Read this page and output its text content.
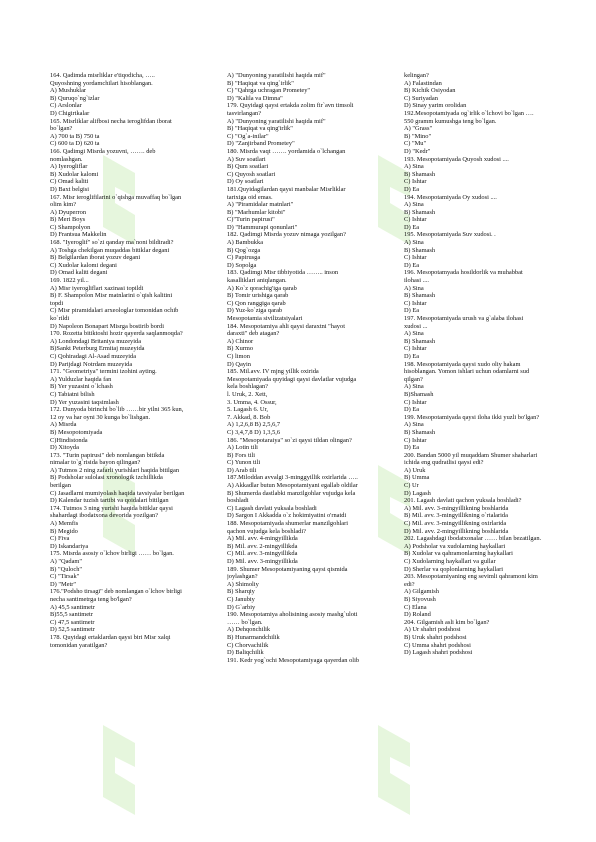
164. Qadimda misrliklar e'tiqodicha, …..
Quyoshning yordamchilari hisoblangan.
A) Mushuklar
B) Quruqo`ng`izlar
C) Arslonlar
D) Chigirtkalar
165. Misrliklar alifbosi necha ieroglifdan iborat
bo`lgan?
A) 700 ta B) 750 ta
C) 600 ta D) 620 ta
166. Qadimgi Misrda yozuvni, ……. deb
nomlashgan.
A) Iyerogliflar
B) Xudolar kalomi
C) Omad kaliti
D) Baxt belgisi
167. Misr ieroglifilarini o`qishga muvaffaq bo`lgan
olim kim?
A) Dyuperron
B) Meri Boys
C) Shampolyon
D) Frantsua Makkelin
168. "Iyeroglif" so`zi qanday ma`noni bildiradi?
A) Toshga chekilgan muqaddas bitiklar degani
B) Belgilardan iborat yozuv degani
C) Xudolar kalomi degani
D) Omad kaliti degani
169. 1822 yil...
A) Misr iyerogliflari xazinasi topildi
B) F. Shampolon Misr matnlarini o`qish kalitini
topdi
C) Misr piramidalari arxeologlar tomonidan ochib
ko`rildi
D) Napoleon Bonapart Misrga bostirib bordi
170. Rozetta bitiktoshi hozir qayerda saqlanmoqda?
A) Londondagi Britaniya muzeyida
B)Sankt Peterburg Ermitaj muzeyida
C) Qohiradagi Al-Asad muzeyida
D) Parijdagi Notrdam muzeyida
171. "Geometriya" termini izohini ayting.
A) Yulduzlar haqida fan
B) Yer yuzasini o`lchash
C) Tabiatni bilish
D) Yer yuzasini taqsimlash
172. Dunyoda birinchi bo`lib ……bir yilni 365 kun,
12 oy va har oyni 30 kunga bo`lishgan.
A) Misrda
B) Mesopotomiyada
C)Hindistonda
D) Xitoyda
173. "Turin papirusi" deb nomlangan bitikda
nimalar to`g`risida bayon qilingan?
A) Tutmos 2 ning zafarli yurishlari haqida bitilgan
B) Podsholar sulolasi xronologik izchillikda
berilgan
C) Jasadlarni mumiyolash haqida tavsiyalar berilgan
D) Kalendar tuzish tartibi va qoidalari bitilgan
174. Tutmos 3 ning yurishi haqida bitiklar qaysi
shahardagi ibodatxona devorida yozilgan?
A) Memfis
B) Megido
C) Fiva
D) Iskandariya
175. Misrda asosiy o`lchov birligi …… bo`lgan.
A) "Qadam"
B) "Quloch"
C) "Tirsak"
D) "Metr"
176."Podsho tirsagi" deb nomlangan o`lchov birligi
necha santimetrga teng bo'lgan?
A) 45,5 santimetr
B)55,5 santimetr
C) 47,5 santimetr
D) 52,5 santimetr
178. Quyidagi ertaklardan qaysi biri Misr xalqi
tomonidan yaratilgan?
A) "Dunyoning yaratilishi haqida mif"
B) "Haqiqat va qing`irlik"
C) "Qahrga uchragan Prometey"
D) "Kalila va Dimna"
179. Quyidagi qaysi ertakda zolim fir`avn timsoli
tasvirlangan?
A) "Dunyoning yaratilishi haqida mif"
B) "Haqiqat va qing'irlik"
C) "Og`a-inilar"
D) "Zanjirband Prometey"
180. Misrda vaqt ……. yordamida o`lchangan
A) Suv soatlari
B) Qum soatlari
C) Quyosh soatlari
D) Oy soatlari
181.Quyidagilardan qaysi manbalar Misrliklar
tarixiga oid emas.
A) "Piramidalar matnlari"
B) "Marhumlar kitobi"
C)"Turin papirusi"
D) "Hammurapi qonunlari"
182. Qadimgi Misrda yozuv nimaga yozilgan?
A) Bambukka
B) Qog`ozga
C) Papirusga
D) Sopolga
183. Qadimgi Misr tibbiyotida …….. inson
kasalliklari aniqlangan.
A) Ko`z qorachig'iga qarab
B) Tomir urishiga qarab
C) Qon ranggiga qarab
D) Yuz-ko`ziga qarab
Mesopotamia sivilizatsiyalari
184. Mesopotamiya ahli qaysi daraxtni "hayot
daraxti" deb atagan?
A) Chinor
B) Xurmo
C) limon
D) Qayin
185. Mil.avv. IV mjng yillik oxirida
Mesopotamiyada quyidagi qaysi davlatlar vujudga
kela boshlagan?
l. Uruk, 2. Xett,
3. Umma, 4. Ossur,
5. Lagash 6. Ur,
7. Akkad, 8. Bob
A) 1,2,6,8 B) 2,5,6,7
C) 3,4,7,8 D) 1,3,5,6
186. "Mesopotaraiya" so`zi qaysi tildan olingan?
A) Lotin tili
B) Fors tili
C) Yunon tili
D) Arab tili
187.Miloddan avvalgi 3-minggyillik oxirlarida …..
A) Akkadlar butun Mesopotamiyani egallab oldilar
B) Shumerda dastlabki manzilgohlar vujudga kela
boshladi
C) Lagash davlati yuksala boshladi
D) Sargon I Akkadda o`z hokimiyatini o'rnatdi
188. Mesopotamiyada shumerlar manzilgohlari
qachon vujudga kela boshladi?
A) Mil. avv. 4-mingyillikda
B) Mil. avv. 2-mingyillikda
C) Mil. avv. 3-mingyillikda
D) Mil. avv. 3-mingyillikda
189. Shumer Mesopotamiyaning qaysi qismida
joylashgan?
A) Shimoliy
B) Sharqiy
C) Janubiy
D) G`arbiy
190. Mesopotamiya aholisining asosiy mashg`uloti
…… bo`lgan.
A) Dehqonchilik
B) Hunarmandchilik
C) Chorvachilik
D) Baliqchilik
191. Kedr yog`ochi Mesopotamiyaga qayerdan olib
kelingan?
A) Falastindan
B) Kichik Osiyodan
C) Suriyadan
D) Sinay yarim orolidan
192.Mesopotamiyada og`irlik o`lchovi bo`lgan ….
550 gramm kumushga teng bo`lgan.
A) "Grass"
B) "Mino"
C) "Mu"
D) "Kedr"
193. Mesopotamiyada Quyosh xudosi ....
A) Sina
B) Shamash
C) Ishtar
D) Ea
194. Mesopotamiyada Oy xudosi ....
A) Sina
B) Shamash
C) Ishtar
D) Ea
195. Mesopotamiyada Suv xudosi. .
A) Sina
B) Shamash
C) Ishtar
D) Ea
196. Mesopotamyada hosildorlik va muhabbat
ilohasi ....
A) Sina
B) Shamash
C) Ishtar
D) Ea
197. Mesopotamiyada urush va g`alaba ilohasi
xudosi ...
A) Sina
B) Shamash
C) Ishtar
D) Ea
198. Mesopotamiyada qaysi xudo oliy hakam
hisoblangan. Yomon ishlari uchun odamlarni sud
qilgan?
A) Sina
B)Shamash
C) Ishtar
D) Ea
199. Mesopotamiyada qaysi iloha ikki yuzli bo'lgan?
A) Sina
B) Shamash
C) Ishtar
D) Ea
200. Bandan 5000 yil muqaddam Shumer shaharlari
ichida eng qudratlisi qaysi edi?
A) Uruk
B) Umma
C) Ur
D) Lagash
201. Lagash davlati qachon yuksala boshladi?
A) Mil. avv. 3-mingyillikning boshlarida
B) Mil. avv. 3-mingyillikning o`rtalarida
C) Mil. avv. 3-mingyillikning oxirlarida
D) Mil. avv. 2-mingyillikning boshlarida
202. Lagashdagi ibodatxonalar …… bilan bezatilgan.
A) Podsholar va xudolarning haykallari
B) Xudolar va qahramonlarning haykallari
C) Xudolarning haykallari va gullar
D) Sherlar va qoplonlarning haykallari
203. Mesopotamiyaning eng sevimli qahramoni kim
edi?
A) Gilgamish
B) Siyovush
C) Elana
D) Roland
204. Gilgamish asli kim bo`lgan?
A) Ur shahri podshosi
B) Uruk shahri podshosi
C) Umma shahri podshosi
D) Lagash shahri podshosi
